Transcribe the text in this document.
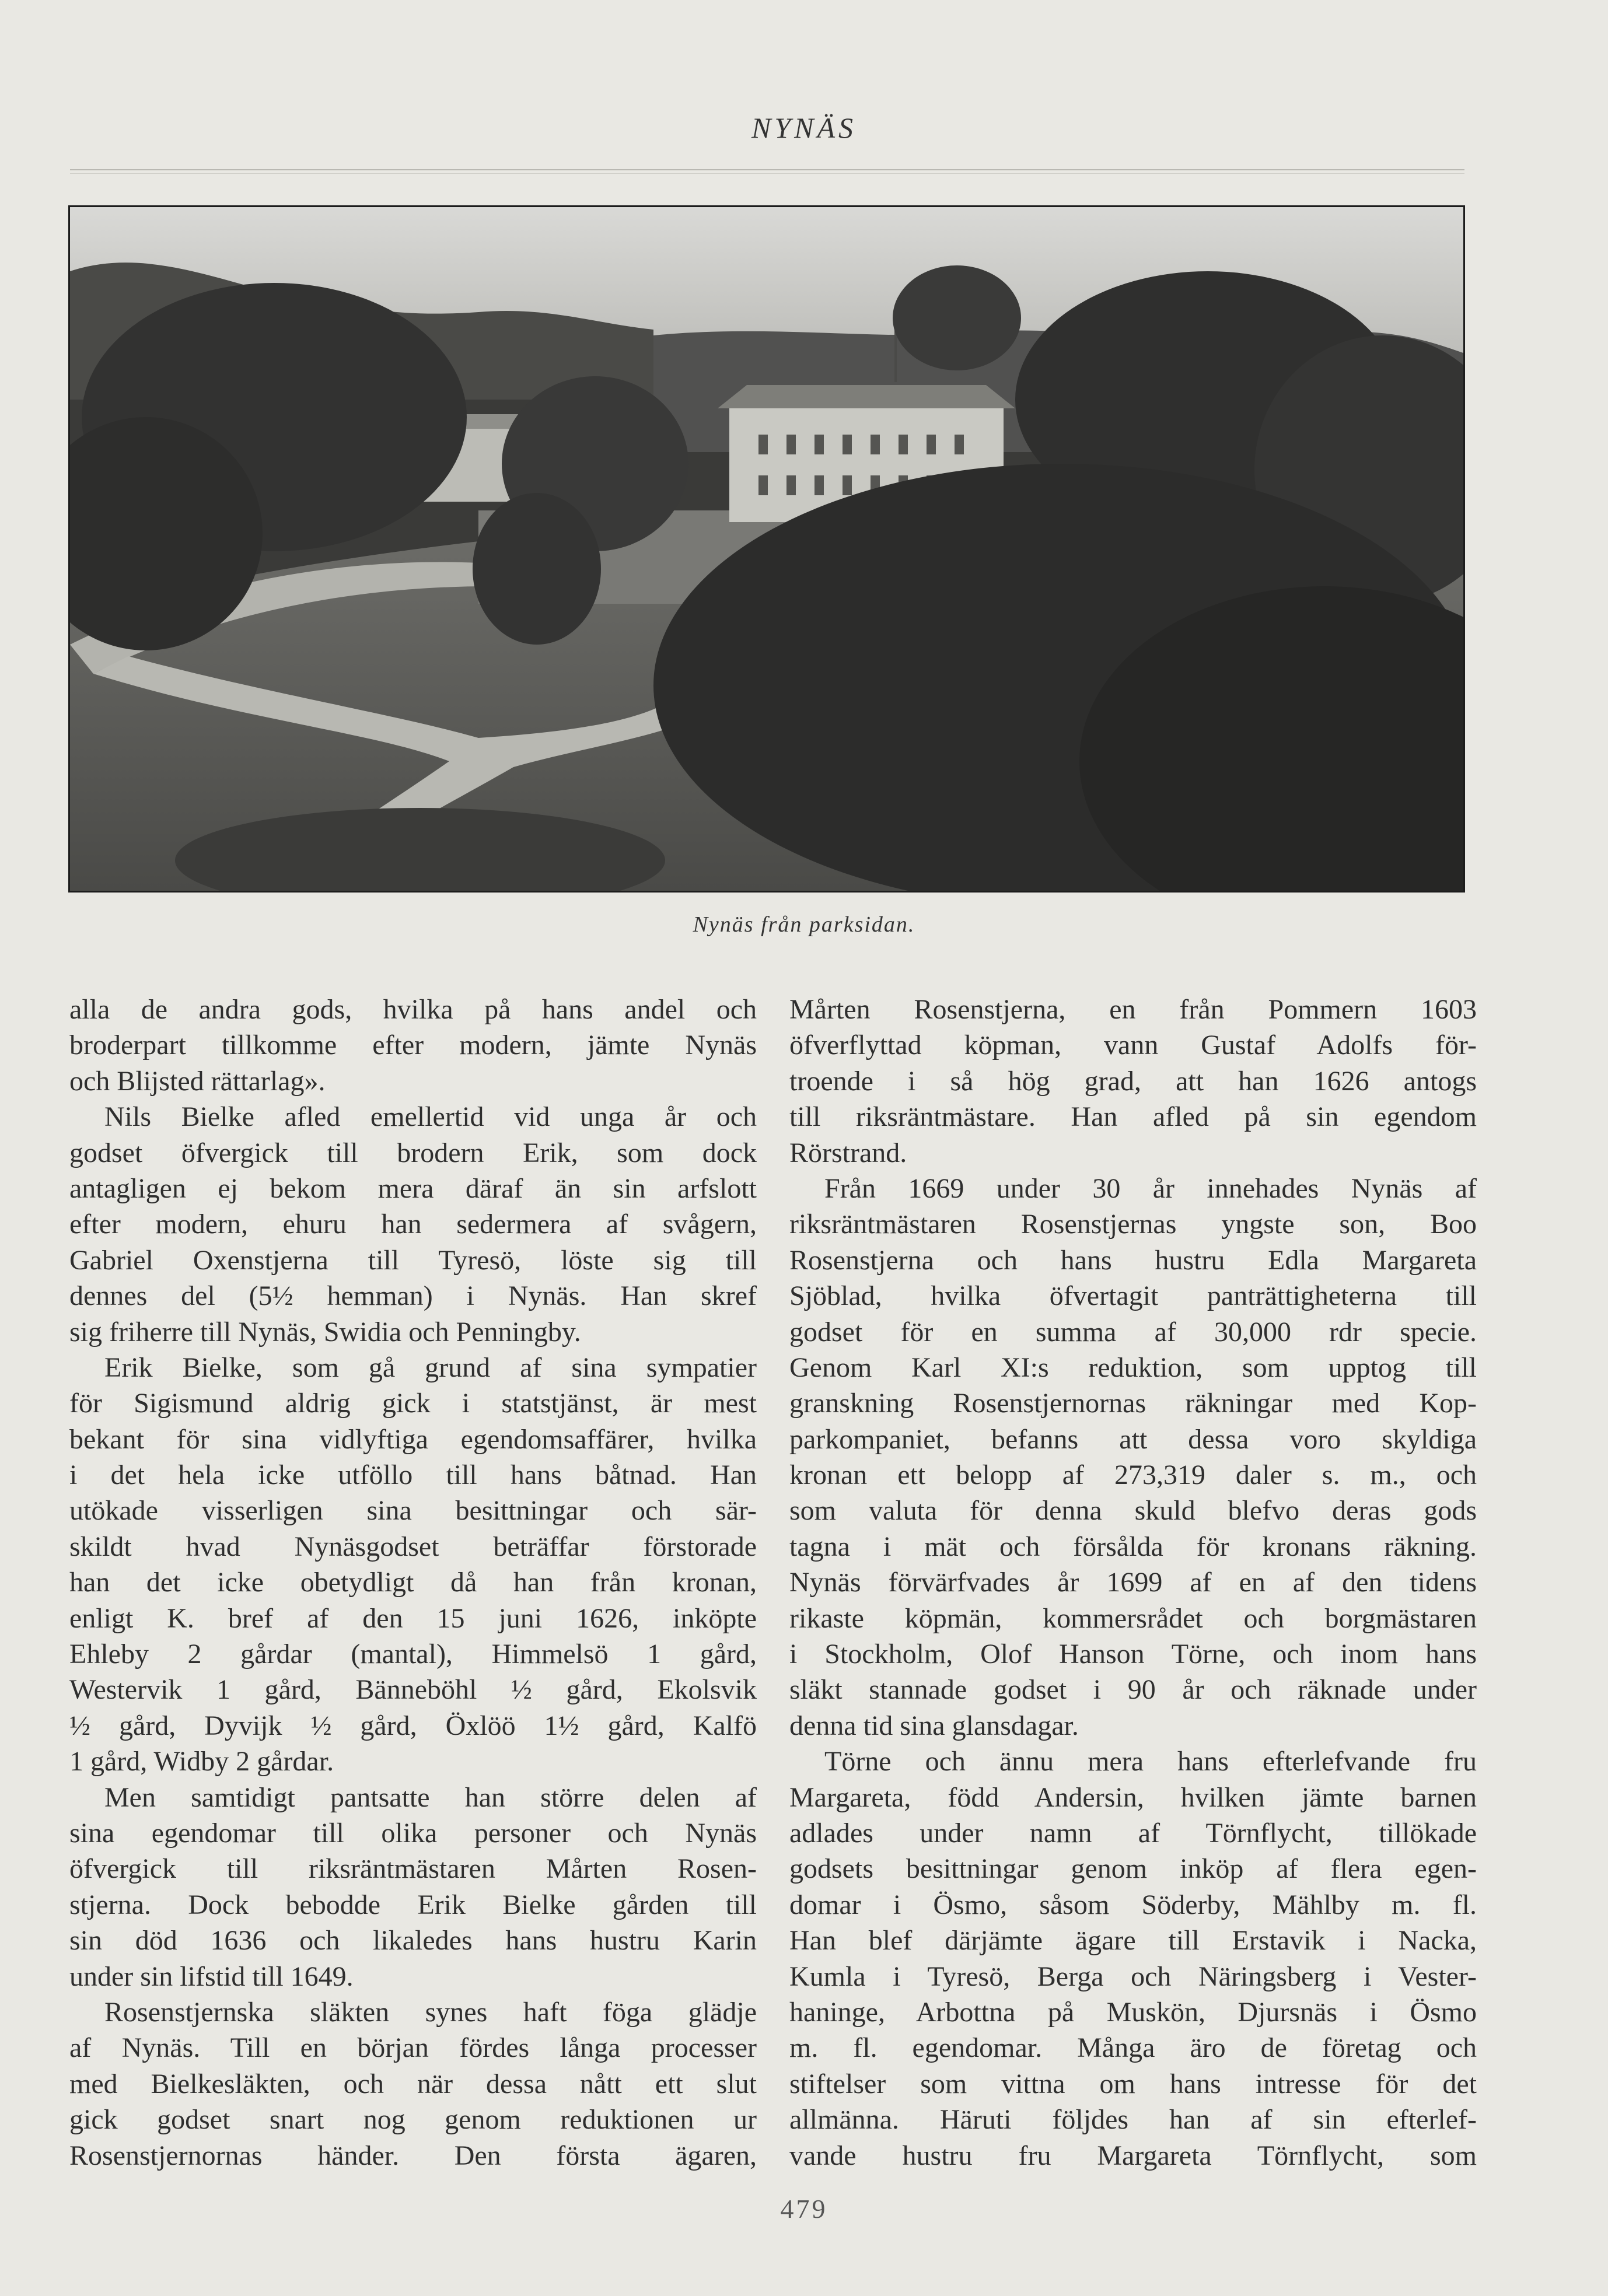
NYNÄS
Nynäs från parksidan.
alla de andra gods, hvilka på hans andel och
broderpart tillkomme efter modern, jämte Nynäs
och Blijsted rättarlag».
Nils Bielke afled emellertid vid unga år och
godset öfvergick till brodern Erik, som dock
antagligen ej bekom mera däraf än sin arfslott
efter modern, ehuru han sedermera af svågern,
Gabriel Oxenstjerna till Tyresö, löste sig till
dennes del (5½ hemman) i Nynäs. Han skref
sig friherre till Nynäs, Swidia och Penningby.
Erik Bielke, som gå grund af sina sympatier
för Sigismund aldrig gick i statstjänst, är mest
bekant för sina vidlyftiga egendomsaffärer, hvilka
i det hela icke utföllo till hans båtnad. Han
utökade visserligen sina besittningar och sär-
skildt hvad Nynäsgodset beträffar förstorade
han det icke obetydligt då han från kronan,
enligt K. bref af den 15 juni 1626, inköpte
Ehleby 2 gårdar (mantal), Himmelsö 1 gård,
Westervik 1 gård, Bänneböhl ½ gård, Ekolsvik
½ gård, Dyvijk ½ gård, Öxlöö 1½ gård, Kalfö
1 gård, Widby 2 gårdar.
Men samtidigt pantsatte han större delen af
sina egendomar till olika personer och Nynäs
öfvergick till riksräntmästaren Mårten Rosen-
stjerna. Dock bebodde Erik Bielke gården till
sin död 1636 och likaledes hans hustru Karin
under sin lifstid till 1649.
Rosenstjernska släkten synes haft föga glädje
af Nynäs. Till en början fördes långa processer
med Bielkesläkten, och när dessa nått ett slut
gick godset snart nog genom reduktionen ur
Rosenstjernornas händer. Den första ägaren,
Mårten Rosenstjerna, en från Pommern 1603
öfverflyttad köpman, vann Gustaf Adolfs för-
troende i så hög grad, att han 1626 antogs
till riksräntmästare. Han afled på sin egendom
Rörstrand.
Från 1669 under 30 år innehades Nynäs af
riksräntmästaren Rosenstjernas yngste son, Boo
Rosenstjerna och hans hustru Edla Margareta
Sjöblad, hvilka öfvertagit panträttigheterna till
godset för en summa af 30,000 rdr specie.
Genom Karl XI:s reduktion, som upptog till
granskning Rosenstjernornas räkningar med Kop-
parkompaniet, befanns att dessa voro skyldiga
kronan ett belopp af 273,319 daler s. m., och
som valuta för denna skuld blefvo deras gods
tagna i mät och försålda för kronans räkning.
Nynäs förvärfvades år 1699 af en af den tidens
rikaste köpmän, kommersrådet och borgmästaren
i Stockholm, Olof Hanson Törne, och inom hans
släkt stannade godset i 90 år och räknade under
denna tid sina glansdagar.
Törne och ännu mera hans efterlefvande fru
Margareta, född Andersin, hvilken jämte barnen
adlades under namn af Törnflycht, tillökade
godsets besittningar genom inköp af flera egen-
domar i Ösmo, såsom Söderby, Mählby m. fl.
Han blef därjämte ägare till Erstavik i Nacka,
Kumla i Tyresö, Berga och Näringsberg i Vester-
haninge, Arbottna på Muskön, Djursnäs i Ösmo
m. fl. egendomar. Många äro de företag och
stiftelser som vittna om hans intresse för det
allmänna. Häruti följdes han af sin efterlef-
vande hustru fru Margareta Törnflycht, som
479
